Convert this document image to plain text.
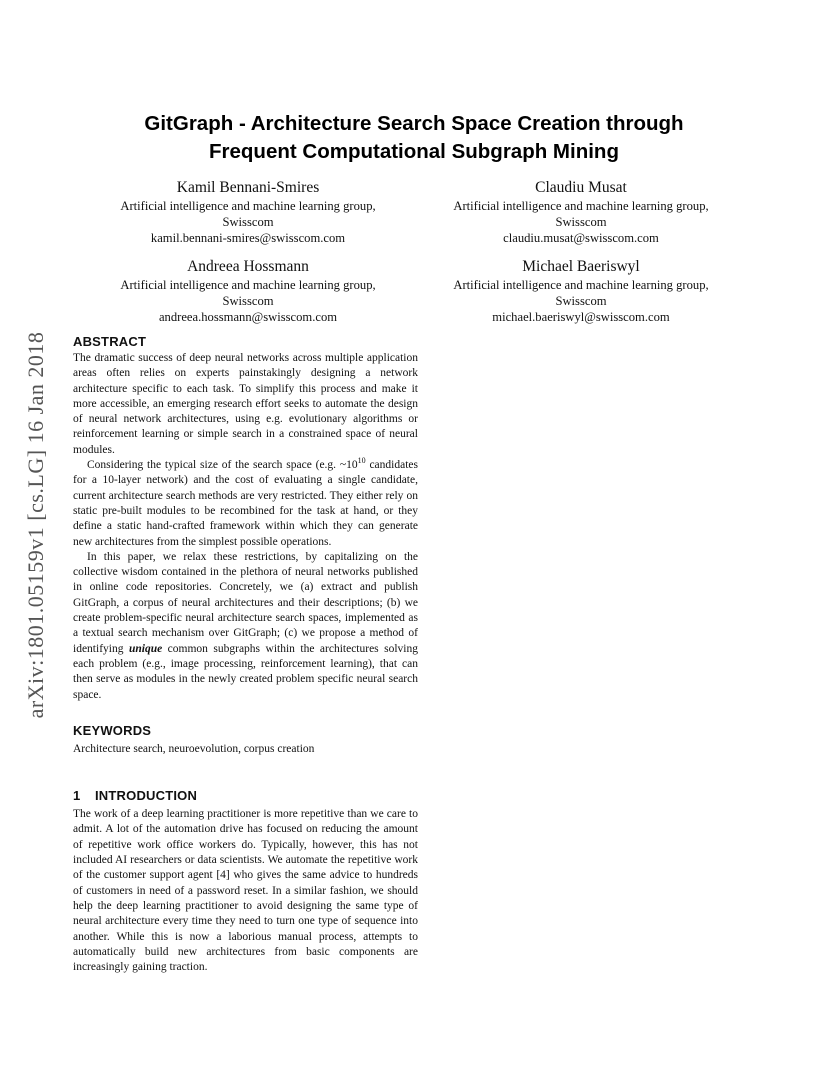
arXiv:1801.05159v1 [cs.LG] 16 Jan 2018
GitGraph - Architecture Search Space Creation through
Frequent Computational Subgraph Mining
Kamil Bennani-Smires
Artificial intelligence and machine learning group,
Swisscom
kamil.bennani-smires@swisscom.com
Claudiu Musat
Artificial intelligence and machine learning group,
Swisscom
claudiu.musat@swisscom.com
Andreea Hossmann
Artificial intelligence and machine learning group,
Swisscom
andreea.hossmann@swisscom.com
Michael Baeriswyl
Artificial intelligence and machine learning group,
Swisscom
michael.baeriswyl@swisscom.com
ABSTRACT

The dramatic success of deep neural networks across multiple application areas often relies on experts painstakingly designing a network architecture specific to each task. To simplify this process and make it more accessible, an emerging research effort seeks to automate the design of neural network architectures, using e.g. evolutionary algorithms or reinforcement learning or simple search in a constrained space of neural modules.

Considering the typical size of the search space (e.g. $\sim 10^{10}$ candidates for a 10-layer network) and the cost of evaluating a single candidate, current architecture search methods are very restricted. They either rely on static pre-built modules to be recombined for the task at hand, or they define a static hand-crafted framework within which they can generate new architectures from the simplest possible operations.

In this paper, we relax these restrictions, by capitalizing on the collective wisdom contained in the plethora of neural networks published in online code repositories. Concretely, we (a) extract and publish GitGraph, a corpus of neural architectures and their descriptions; (b) we create problem-specific neural architecture search spaces, implemented as a textual search mechanism over GitGraph; (c) we propose a method of identifying unique common subgraphs within the architectures solving each problem (e.g., image processing, reinforcement learning), that can then serve as modules in the newly created problem specific neural search space.

KEYWORDS

Architecture search, neuroevolution, corpus creation

1 INTRODUCTION

The work of a deep learning practitioner is more repetitive than we care to admit. A lot of the automation drive has focused on reducing the amount of repetitive work office workers do. Typically, however, this has not included AI researchers or data scientists. We automate the repetitive work of the customer support agent [4] who gives the same advice to hundreds of customers in need of a password reset. In a similar fashion, we should help the deep learning practitioner to avoid designing the same type of neural architecture every time they need to turn one type of sequence into another. While this is now a laborious manual process, attempts to automatically build new architectures from basic components are increasingly gaining traction.
